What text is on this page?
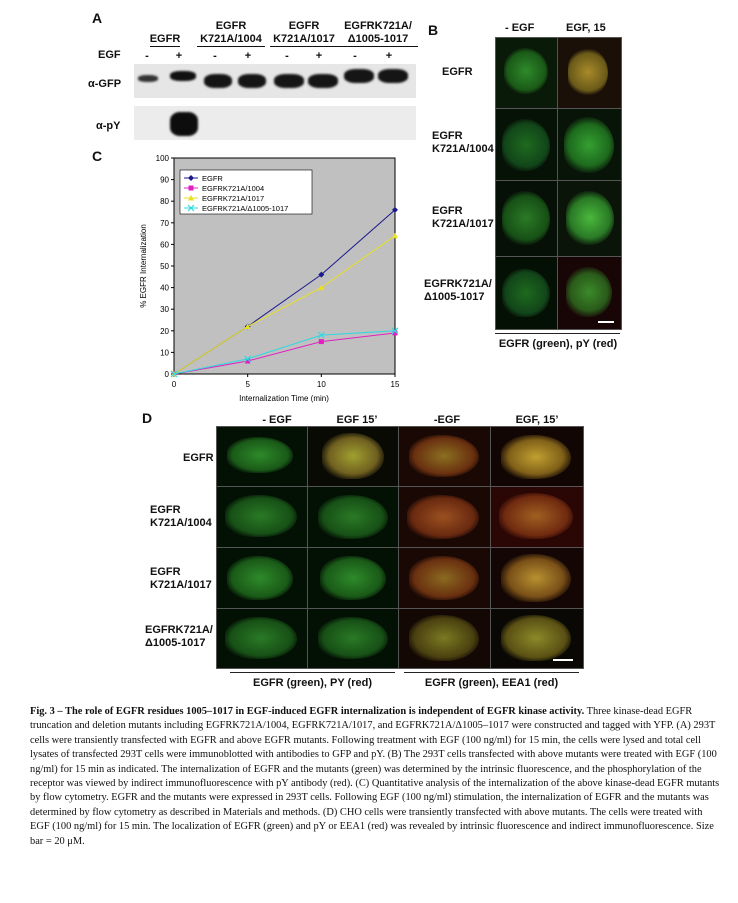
A
EGFR
EGFR
K721A/1004
EGFR
K721A/1017
EGFRK721A/
Δ1005-1017
EGF - +	-	+	- +	-	+
α-GFP
α-pY
C
0
10
20
30
40
50
60
70
80
90
100
0	5	10	15
EGFR
EGFRK721A/1004
EGFRK721A/1017
EGFRK721A/Δ1005-1017
Internalization Time (min)
% EGFR Internalization
B	- EGF	EGF, 15
EGFR
EGFR
K721A/1004
EGFR
K721A/1017
EGFRK721A/
Δ1005-1017
EGFR (green), pY (red)
D	- EGF	EGF 15’	-EGF	EGF, 15’
EGFR
EGFR
K721A/1004
EGFR
K721A/1017
EGFRK721A/
Δ1005-1017
EGFR (green), PY (red)	EGFR (green), EEA1 (red)

Fig. 3 – The role of EGFR residues 1005–1017 in EGF-induced EGFR internalization is independent of EGFR kinase activity. Three kinase-dead EGFR truncation and deletion mutants including EGFRK721A/1004, EGFRK721A/1017, and EGFRK721A/Δ1005–1017 were constructed and tagged with YFP. (A) 293T cells were transiently transfected with EGFR and above EGFR mutants. Following treatment with EGF (100 ng/ml) for 15 min, the cells were lysed and total cell lysates of transfected 293T cells were immunoblotted with antibodies to GFP and pY. (B) The 293T cells transfected with above mutants were treated with EGF (100 ng/ml) for 15 min as indicated. The internalization of EGFR and the mutants (green) was determined by the intrinsic fluorescence, and the phosphorylation of the receptor was viewed by indirect immunofluorescence with pY antibody (red). (C) Quantitative analysis of the internalization of the above kinase-dead EGFR mutants by flow cytometry. EGFR and the mutants were expressed in 293T cells. Following EGF (100 ng/ml) stimulation, the internalization of EGFR and the mutants was determined by flow cytometry as described in Materials and methods. (D) CHO cells were transiently transfected with above mutants. The cells were treated with EGF (100 ng/ml) for 15 min. The localization of EGFR (green) and pY or EEA1 (red) was revealed by intrinsic fluorescence and indirect immunofluorescence. Size bar = 20 μM.
